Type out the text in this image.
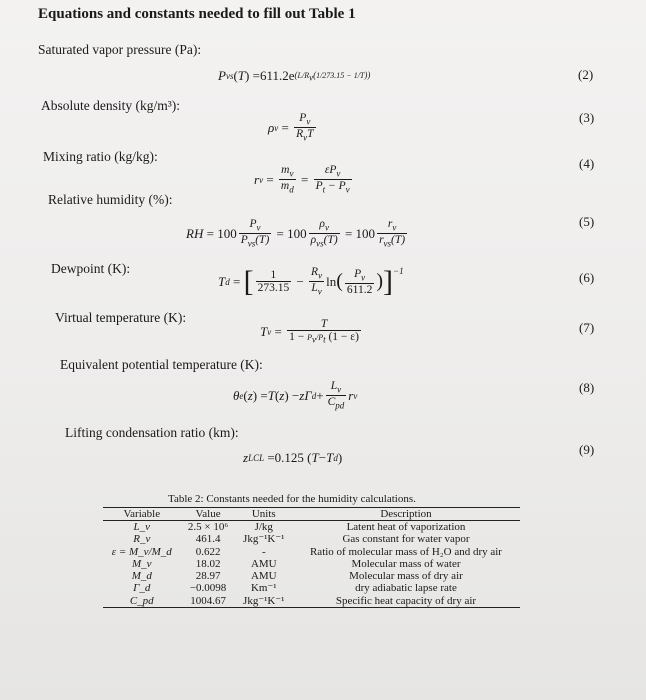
Equations and constants needed to fill out Table 1
Saturated vapor pressure (Pa):
P vs ( T ) = 611.2 e $(L/R_v(1/273.15 - 1/T))$	(2)
Absolute density (kg/m³):
ρ $v = \frac{P_v}{R_vT}$	(3)
Mixing ratio (kg/kg):
r $v = \frac{m_v}{m_d} = \frac{\varepsilon P_v}{P_t - P_v}$
(4)
Relative humidity (%):
RH = $100 \frac{P_v}{P_{vs}(T)} = 100 \frac{\rho_v}{\rho_{vs}(T)} = 100 \frac{r_v}{r_{vs}(T)}$	(5)
Dewpoint (K):
T d = [ $\frac{1}{273.15} - \frac{R_v}{L_v}$ ln ( $\frac{P_v}{611.2}$ ) ]$^{-1}$	(6)
Virtual temperature (K):
T $v = \frac{T}{1 - P_v/P_t (1 - \varepsilon)}$	(7)
Equivalent potential temperature (K):
θ e ( z ) = T ( z ) − zΓ $d + \frac{L_v}{C_{pd}}$ r v
(8)
Lifting condensation ratio (km):
z LCL = 0.125 ( T − T d )
(9)
Table 2: Constants needed for the humidity calculations.
Variable	Value	Units	Description
L_v	2.5 × 10⁶	J/kg	Latent heat of vaporization
R_v	461.4	Jkg⁻¹K⁻¹	Gas constant for water vapor
ε = M_v/M_d	0.622	-	Ratio of molecular mass of H₂O and dry air
M_v	18.02	AMU	Molecular mass of water
M_d	28.97	AMU	Molecular mass of dry air
Γ_d	−0.0098	Km⁻¹	dry adiabatic lapse rate
C_pd	1004.67	Jkg⁻¹K⁻¹	Specific heat capacity of dry air
